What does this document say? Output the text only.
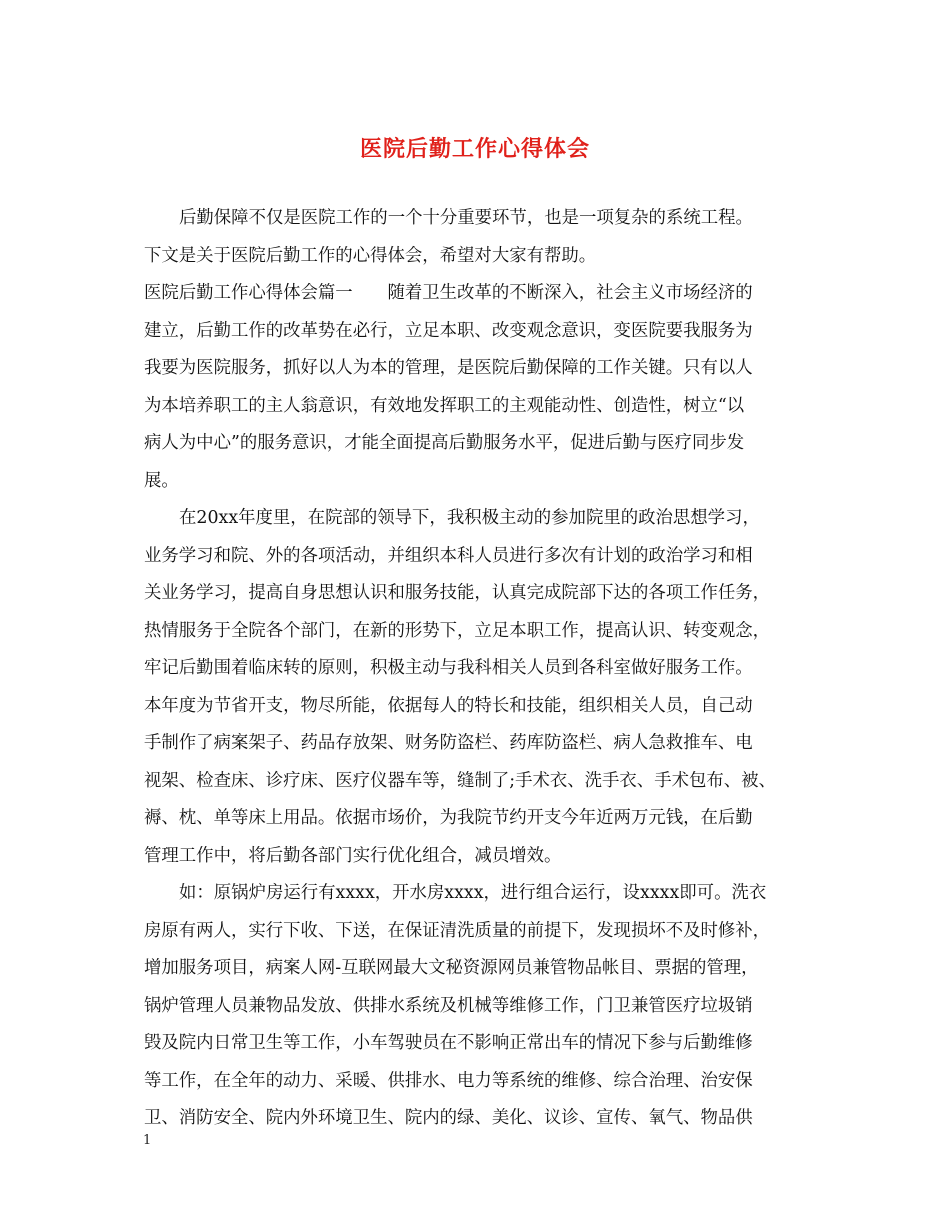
医院后勤工作心得体会
后勤保障不仅是医院工作的一个十分重要环节，也是一项复杂的系统工程。
下文是关于医院后勤工作的心得体会，希望对大家有帮助。
医院后勤工作心得体会篇一　　随着卫生改革的不断深入，社会主义市场经济的
建立，后勤工作的改革势在必行，立足本职、改变观念意识，变医院要我服务为
我要为医院服务，抓好以人为本的管理，是医院后勤保障的工作关键。只有以人
为本培养职工的主人翁意识，有效地发挥职工的主观能动性、创造性，树立“以
病人为中心”的服务意识，才能全面提高后勤服务水平，促进后勤与医疗同步发
展。
在20xx年度里，在院部的领导下，我积极主动的参加院里的政治思想学习，
业务学习和院、外的各项活动，并组织本科人员进行多次有计划的政治学习和相
关业务学习，提高自身思想认识和服务技能，认真完成院部下达的各项工作任务，
热情服务于全院各个部门，在新的形势下，立足本职工作，提高认识、转变观念，
牢记后勤围着临床转的原则，积极主动与我科相关人员到各科室做好服务工作。
本年度为节省开支，物尽所能，依据每人的特长和技能，组织相关人员，自己动
手制作了病案架子、药品存放架、财务防盗栏、药库防盗栏、病人急救推车、电
视架、检查床、诊疗床、医疗仪器车等，缝制了;手术衣、洗手衣、手术包布、被、
褥、枕、单等床上用品。依据市场价，为我院节约开支今年近两万元钱，在后勤
管理工作中，将后勤各部门实行优化组合，减员增效。
如：原锅炉房运行有xxxx，开水房xxxx，进行组合运行，设xxxx即可。洗衣
房原有两人，实行下收、下送，在保证清洗质量的前提下，发现损坏不及时修补，
增加服务项目，病案人网-互联网最大文秘资源网员兼管物品帐目、票据的管理，
锅炉管理人员兼物品发放、供排水系统及机械等维修工作，门卫兼管医疗垃圾销
毁及院内日常卫生等工作，小车驾驶员在不影响正常出车的情况下参与后勤维修
等工作，在全年的动力、采暖、供排水、电力等系统的维修、综合治理、治安保
卫、消防安全、院内外环境卫生、院内的绿、美化、议诊、宣传、氧气、物品供
1
